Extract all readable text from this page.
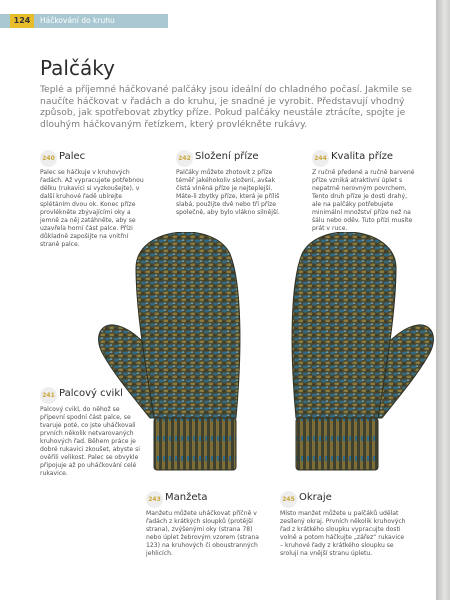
124	Háčkování do kruhu
Palčáky

Teplé a příjemné háčkované palčáky jsou ideální do chladného počasí. Jakmile se naučíte háčkovat v řadách a do kruhu, je snadné je vyrobit. Představují vhodný způsob, jak spotřebovat zbytky příze. Pokud palčáky neustále ztrácíte, spojte je dlouhým háčkovaným řetízkem, který provlékněte rukávy.

240 Palec

Palec se háčkuje v kruhových řadách. Až vypracujete potřebnou délku (rukavici si vyzkoušejte), v další kruhové řadě ubírejte splétáním dvou ok. Konec příze provlékněte zbývajícími oky a jemně za něj zatáhněte, aby se uzavřela horní část palce. Přízi důkladně zapošijte na vnitřní straně palce.

242 Složení příze

Palčáky můžete zhotovit z příze téměř jakéhokoliv složení, avšak čistá vlněná příze je nejteplejší. Máte-li zbytky příze, která je příliš slabá, použijte dvě nebo tři příze společně, aby bylo vlákno silnější.

244 Kvalita příze

Z ručně předené a ručně barvené příze vzniká atraktivní úplet s nepatrně nerovným povrchem. Tento druh příze je dosti drahý, ale na palčáky potřebujete minimální množství příze než na šálu nebo oděv. Tuto přízi musíte prát v ruce.

241 Palcový cvikl

Palcový cvikl, do něhož se připevní spodní část palce, se tvaruje poté, co jste uháčkovali prvních několik netvarovaných kruhových řad. Během práce je dobré rukavici zkoušet, abyste si ověřili velikost. Palec se obvykle připojuje až po uháčkování celé rukavice.

243 Manžeta

Manžetu můžete uháčkovat příčně v řadách z krátkých sloupků (protější strana), zvýšenými oky (strana 78) nebo úplet žebrovým vzorem (strana 123) na kruhových či oboustranných jehlicích.

245 Okraje

Místo manžet můžete u palčáků udělat zesílený okraj. Prvních několik kruhových řad z krátkého sloupku vypracujte dosti volně a potom háčkujte „zářez“ rukavice – kruhové řady z krátkého sloupku se srolují na vnější stranu úpletu.
